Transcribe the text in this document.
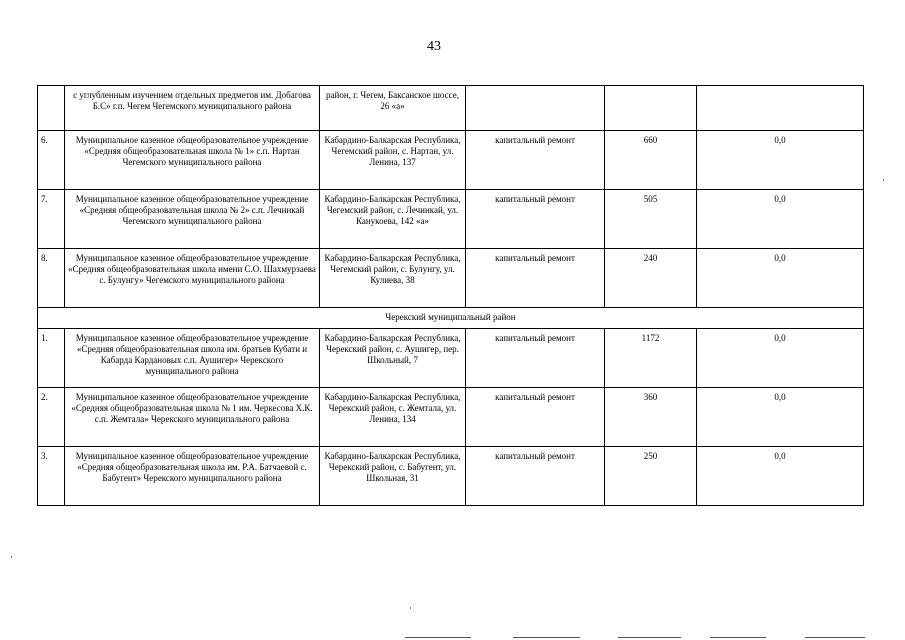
43
	с углубленным изучением отдельных предметов им. Добагова Б.С» г.п. Чегем Чегемского муниципального района	район, г. Чегем, Баксанское шоссе, 26 «а»			
6.	Муниципальное казенное общеобразовательное учреждение «Средняя общеобразовательная школа № 1» с.п. Нартан Чегемского муниципального района	Кабардино-Балкарская Республика, Чегемский район, с. Нартан, ул. Ленина, 137	капитальный ремонт	660	0,0
7.	Муниципальное казенное общеобразовательное учреждение «Средняя общеобразовательная школа № 2» с.п. Лечинкай Чегемского муниципального района	Кабардино-Балкарская Республика, Чегемский район, с. Лечинкай, ул. Канукоева, 142 «а»	капитальный ремонт	505	0,0
8.	Муниципальное казенное общеобразовательное учреждение «Средняя общеобразовательная школа имени С.О. Шахмурзаева с. Булунгу» Чегемского муниципального района	Кабардино-Балкарская Республика, Чегемский район, с. Булунгу, ул. Кулиева, 38	капитальный ремонт	240	0,0
Черекский муниципальный район					
1.	Муниципальное казенное общеобразовательное учреждение «Средняя общеобразовательная школа им. братьев Кубати и Кабарда Кардановых с.п. Аушигер» Черекского муниципального района	Кабардино-Балкарская Республика, Черекский район, с. Аушигер, пер. Школьный, 7	капитальный ремонт	1172	0,0
2.	Муниципальное казенное общеобразовательное учреждение «Средняя общеобразовательная школа № 1 им. Черкесова Х.К. с.п. Жемтала» Черекского муниципального района	Кабардино-Балкарская Республика, Черекский район, с. Жемтала, ул. Ленина, 134	капитальный ремонт	360	0,0
3.	Муниципальное казенное общеобразовательное учреждение «Средняя общеобразовательная школа им. Р.А. Батчаевой с. Бабугент» Черекского муниципального района	Кабардино-Балкарская Республика, Черекский район, с. Бабугент, ул. Школьная, 31	капитальный ремонт	250	0,0
